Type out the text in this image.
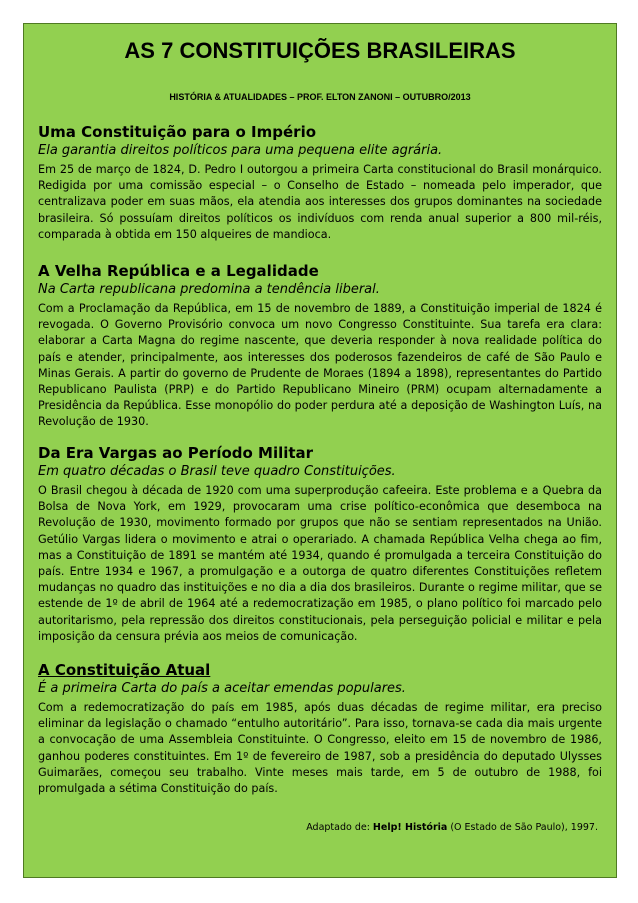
AS 7 CONSTITUIÇÕES BRASILEIRAS
HISTÓRIA & ATUALIDADES – PROF. ELTON ZANONI – OUTUBRO/2013
Uma Constituição para o Império
Ela garantia direitos políticos para uma pequena elite agrária.

Em 25 de março de 1824, D. Pedro I outorgou a primeira Carta constitucional do Brasil monárquico. Redigida por uma comissão especial – o Conselho de Estado – nomeada pelo imperador, que centralizava poder em suas mãos, ela atendia aos interesses dos grupos dominantes na sociedade brasileira. Só possuíam direitos políticos os indivíduos com renda anual superior a 800 mil-réis, comparada à obtida em 150 alqueires de mandioca.

A Velha República e a Legalidade
Na Carta republicana predomina a tendência liberal.

Com a Proclamação da República, em 15 de novembro de 1889, a Constituição imperial de 1824 é revogada. O Governo Provisório convoca um novo Congresso Constituinte. Sua tarefa era clara: elaborar a Carta Magna do regime nascente, que deveria responder à nova realidade política do país e atender, principalmente, aos interesses dos poderosos fazendeiros de café de São Paulo e Minas Gerais. A partir do governo de Prudente de Moraes (1894 a 1898), representantes do Partido Republicano Paulista (PRP) e do Partido Republicano Mineiro (PRM) ocupam alternadamente a Presidência da República. Esse monopólio do poder perdura até a deposição de Washington Luís, na Revolução de 1930.

Da Era Vargas ao Período Militar
Em quatro décadas o Brasil teve quadro Constituições.

O Brasil chegou à década de 1920 com uma superprodução cafeeira. Este problema e a Quebra da Bolsa de Nova York, em 1929, provocaram uma crise político-econômica que desemboca na Revolução de 1930, movimento formado por grupos que não se sentiam representados na União. Getúlio Vargas lidera o movimento e atrai o operariado. A chamada República Velha chega ao fim, mas a Constituição de 1891 se mantém até 1934, quando é promulgada a terceira Constituição do país. Entre 1934 e 1967, a promulgação e a outorga de quatro diferentes Constituições refletem mudanças no quadro das instituições e no dia a dia dos brasileiros. Durante o regime militar, que se estende de 1º de abril de 1964 até a redemocratização em 1985, o plano político foi marcado pelo autoritarismo, pela repressão dos direitos constitucionais, pela perseguição policial e militar e pela imposição da censura prévia aos meios de comunicação.

A Constituição Atual
É a primeira Carta do país a aceitar emendas populares.

Com a redemocratização do país em 1985, após duas décadas de regime militar, era preciso eliminar da legislação o chamado “entulho autoritário”. Para isso, tornava-se cada dia mais urgente a convocação de uma Assembleia Constituinte. O Congresso, eleito em 15 de novembro de 1986, ganhou poderes constituintes. Em 1º de fevereiro de 1987, sob a presidência do deputado Ulysses Guimarães, começou seu trabalho. Vinte meses mais tarde, em 5 de outubro de 1988, foi promulgada a sétima Constituição do país.

Adaptado de: Help! História (O Estado de São Paulo), 1997.
